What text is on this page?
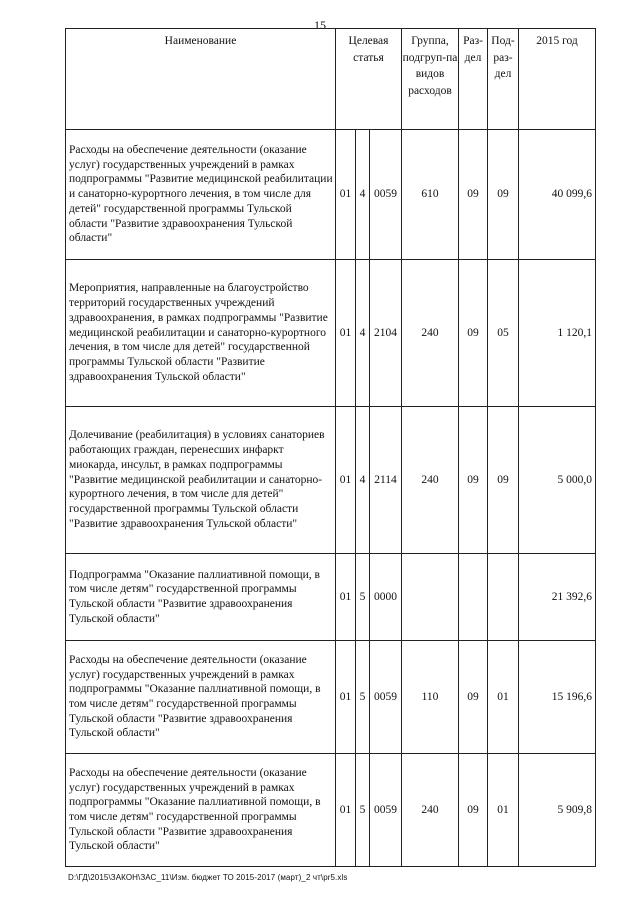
15
Наименование	Целевая статья			Группа, подгруп-па видов расходов	Раз-дел	Под-раз-дел	2015 год
Расходы на обеспечение деятельности (оказание услуг) государственных учреждений в рамках подпрограммы "Развитие медицинской реабилитации и санаторно-курортного лечения, в том числе для детей" государственной программы Тульской области "Развитие здравоохранения Тульской области"	01	4	0059	610	09	09	40 099,6
Мероприятия, направленные на благоустройство территорий государственных учреждений здравоохранения, в рамках подпрограммы "Развитие медицинской реабилитации и санаторно-курортного лечения, в том числе для детей" государственной программы Тульской области "Развитие здравоохранения Тульской области"	01	4	2104	240	09	05	1 120,1
Долечивание (реабилитация) в условиях санаториев работающих граждан, перенесших инфаркт миокарда, инсульт, в рамках подпрограммы "Развитие медицинской реабилитации и санаторно-курортного лечения, в том числе для детей" государственной программы Тульской области "Развитие здравоохранения Тульской области"	01	4	2114	240	09	09	5 000,0
Подпрограмма "Оказание паллиативной помощи, в том числе детям" государственной программы Тульской области "Развитие здравоохранения Тульской области"	01	5	0000				21 392,6
Расходы на обеспечение деятельности (оказание услуг) государственных учреждений в рамках подпрограммы "Оказание паллиативной помощи, в том числе детям" государственной программы Тульской области "Развитие здравоохранения Тульской области"	01	5	0059	110	09	01	15 196,6
Расходы на обеспечение деятельности (оказание услуг) государственных учреждений в рамках подпрограммы "Оказание паллиативной помощи, в том числе детям" государственной программы Тульской области "Развитие здравоохранения Тульской области"	01	5	0059	240	09	01	5 909,8
D:\ГД\2015\ЗАКОН\ЗАС_11\Изм. бюджет ТО 2015-2017 (март)_2 чт\pr5.xls
